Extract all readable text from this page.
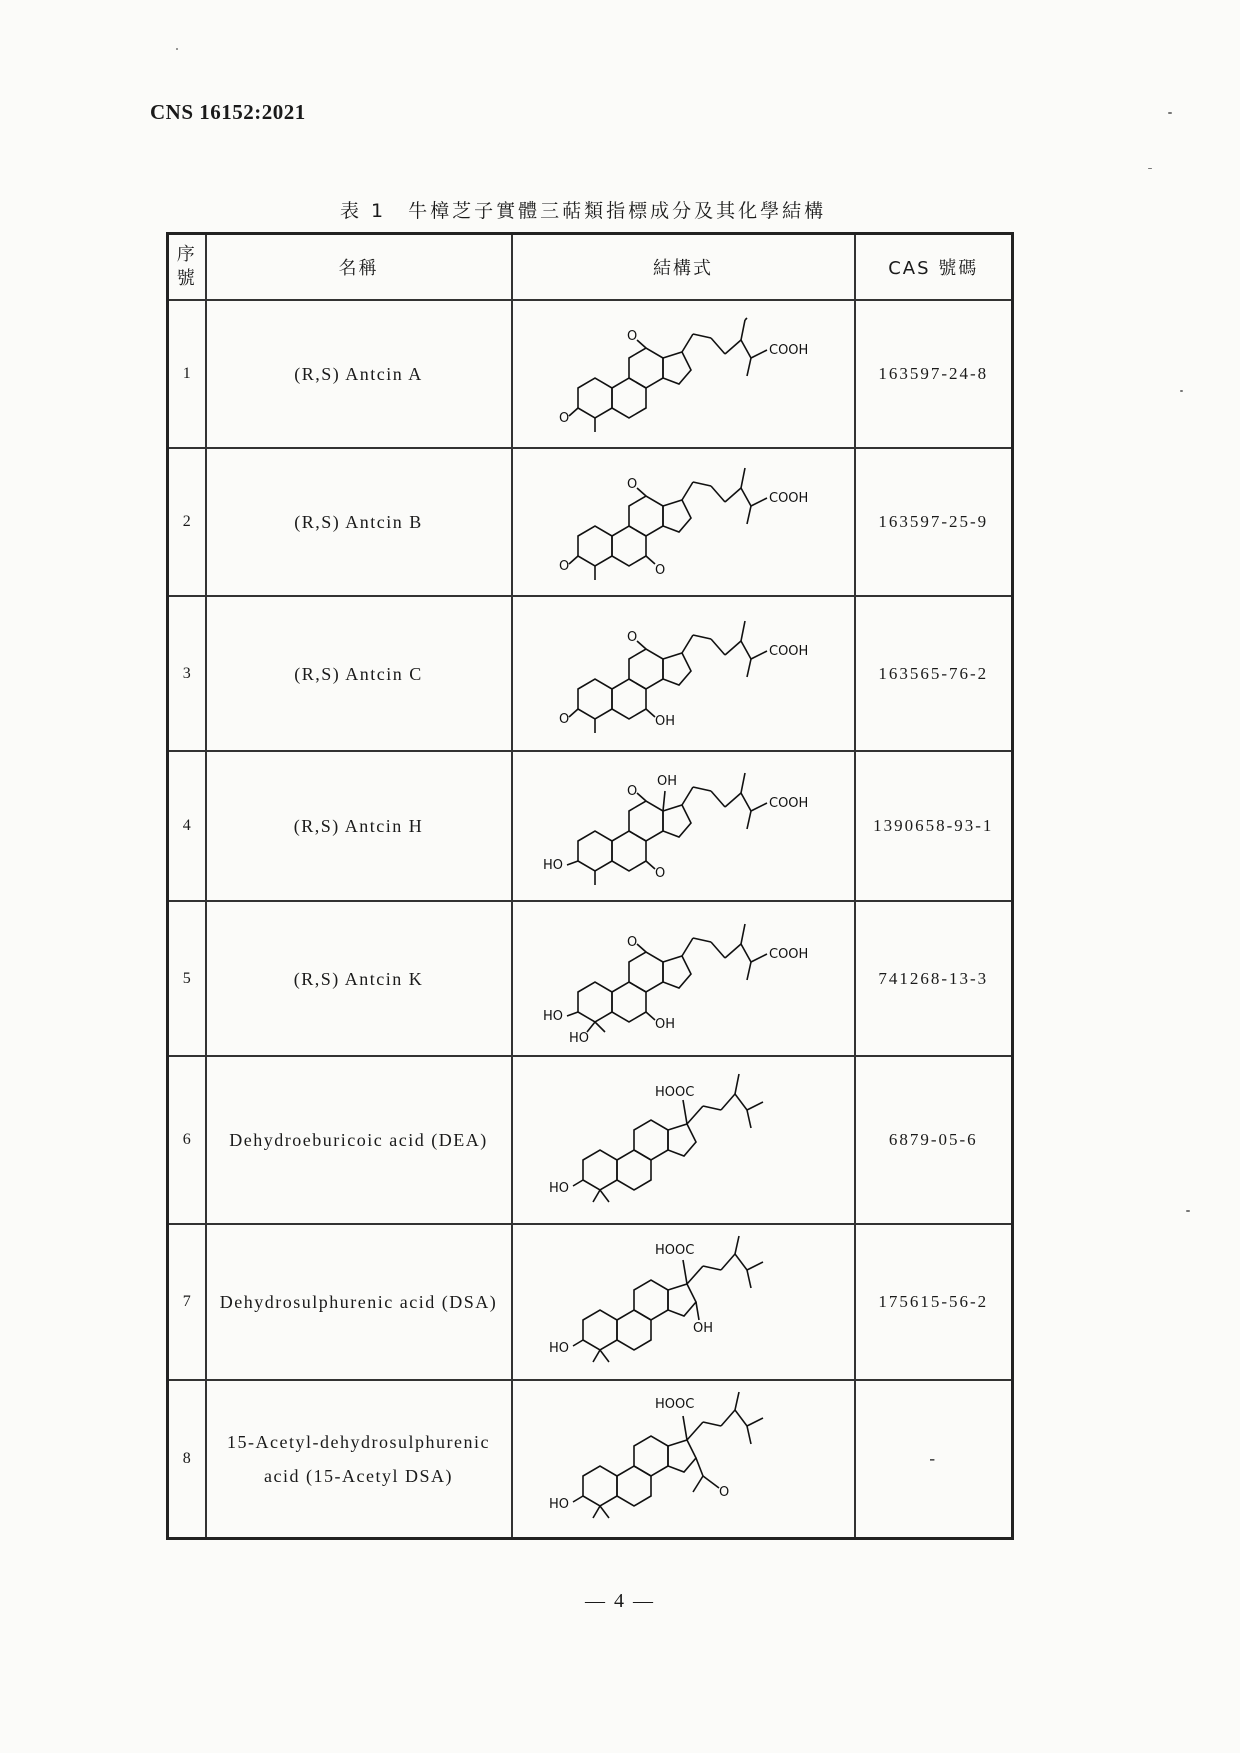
CNS 16152:2021
表 1　牛樟芝子實體三萜類指標成分及其化學結構
序號	名稱	結構式	CAS 號碼
1	(R,S) Antcin A	COOH
O
O	163597-24-8
2	(R,S) Antcin B	COOH
O
O O	163597-25-9
3	(R,S) Antcin C	COOH
O
O OH	163565-76-2
4	(R,S) Antcin H	COOH
O
OH
HO
O	1390658-93-1
5	(R,S) Antcin K	COOH
O
HO
HO
OH	741268-13-3
6	Dehydroeburicoic acid (DEA)	HOOC
HO	6879-05-6
7	Dehydrosulphurenic acid (DSA)	HOOC
HO
OH	175615-56-2
8	15-Acetyl-dehydrosulphurenic acid (15-Acetyl DSA)	HOOC
HO
O	-
— 4 —
